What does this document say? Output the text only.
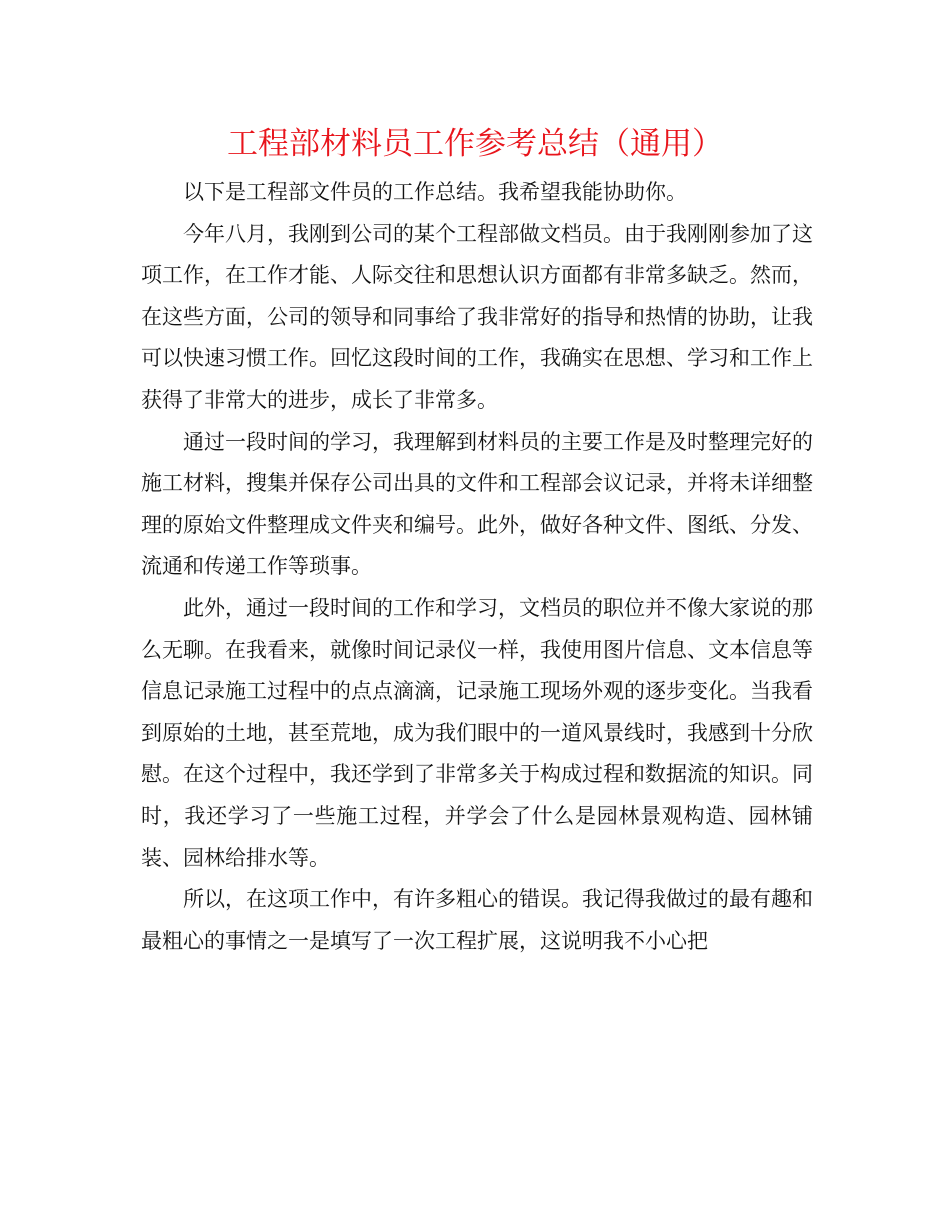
工程部材料员工作参考总结（通用）

以下是工程部文件员的工作总结。我希望我能协助你。

今年八月，我刚到公司的某个工程部做文档员。由于我刚刚参加了这项工作，在工作才能、人际交往和思想认识方面都有非常多缺乏。然而，在这些方面，公司的领导和同事给了我非常好的指导和热情的协助，让我可以快速习惯工作。回忆这段时间的工作，我确实在思想、学习和工作上获得了非常大的进步，成长了非常多。

通过一段时间的学习，我理解到材料员的主要工作是及时整理完好的施工材料，搜集并保存公司出具的文件和工程部会议记录，并将未详细整理的原始文件整理成文件夹和编号。此外，做好各种文件、图纸、分发、流通和传递工作等琐事。

此外，通过一段时间的工作和学习，文档员的职位并不像大家说的那么无聊。在我看来，就像时间记录仪一样，我使用图片信息、文本信息等信息记录施工过程中的点点滴滴，记录施工现场外观的逐步变化。当我看到原始的土地，甚至荒地，成为我们眼中的一道风景线时，我感到十分欣慰。在这个过程中，我还学到了非常多关于构成过程和数据流的知识。同时，我还学习了一些施工过程，并学会了什么是园林景观构造、园林铺装、园林给排水等。

所以，在这项工作中，有许多粗心的错误。我记得我做过的最有趣和最粗心的事情之一是填写了一次工程扩展，这说明我不小心把
